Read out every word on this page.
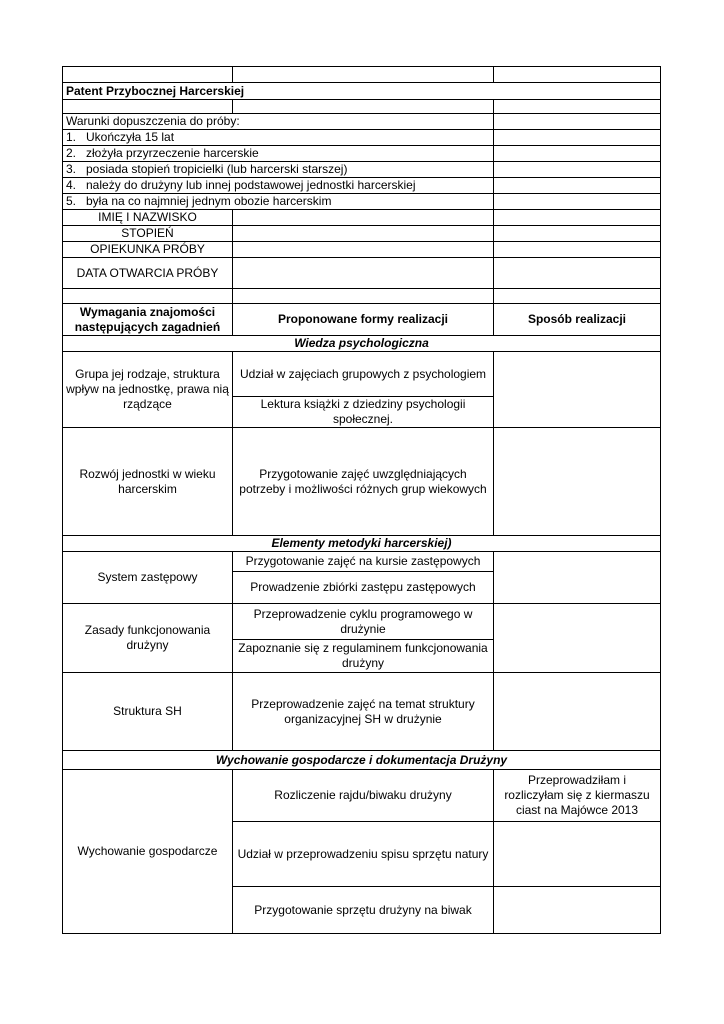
Patent Przybocznej Harcerskiej		

Warunki dopuszczenia do próby:		
1. Ukończyła 15 lat		
2. złożyła przyrzeczenie harcerskie		
3. posiada stopień tropicielki (lub harcerski starszej)		
4. należy do drużyny lub innej podstawowej jednostki harcerskiej		
5. była na co najmniej jednym obozie harcerskim		
IMIĘ I NAZWISKO		
STOPIEŃ		
OPIEKUNKA PRÓBY		
DATA OTWARCIA PRÓBY		

Wymagania znajomości następujących zagadnień	Proponowane formy realizacji	Sposób realizacji
Wiedza psychologiczna		
Grupa jej rodzaje, struktura wpływ na jednostkę, prawa nią rządzące	Udział w zajęciach grupowych z psychologiem	
	Lektura książki z dziedziny psychologii społecznej.	
Rozwój jednostki w wieku harcerskim	Przygotowanie zajęć uwzględniających potrzeby i możliwości różnych grup wiekowych	
Elementy metodyki harcerskiej)		
System zastępowy	Przygotowanie zajęć na kursie zastępowych	
	Prowadzenie zbiórki zastępu zastępowych	
Zasady funkcjonowania drużyny	Przeprowadzenie cyklu programowego w drużynie	
	Zapoznanie się z regulaminem funkcjonowania drużyny	
Struktura SH	Przeprowadzenie zajęć na temat struktury organizacyjnej SH w drużynie	
Wychowanie gospodarcze i dokumentacja Drużyny		
Wychowanie gospodarcze	Rozliczenie rajdu/biwaku drużyny	Przeprowadziłam i rozliczyłam się z kiermaszu ciast na Majówce 2013
	Udział w przeprowadzeniu spisu sprzętu natury	
	Przygotowanie sprzętu drużyny na biwak	
